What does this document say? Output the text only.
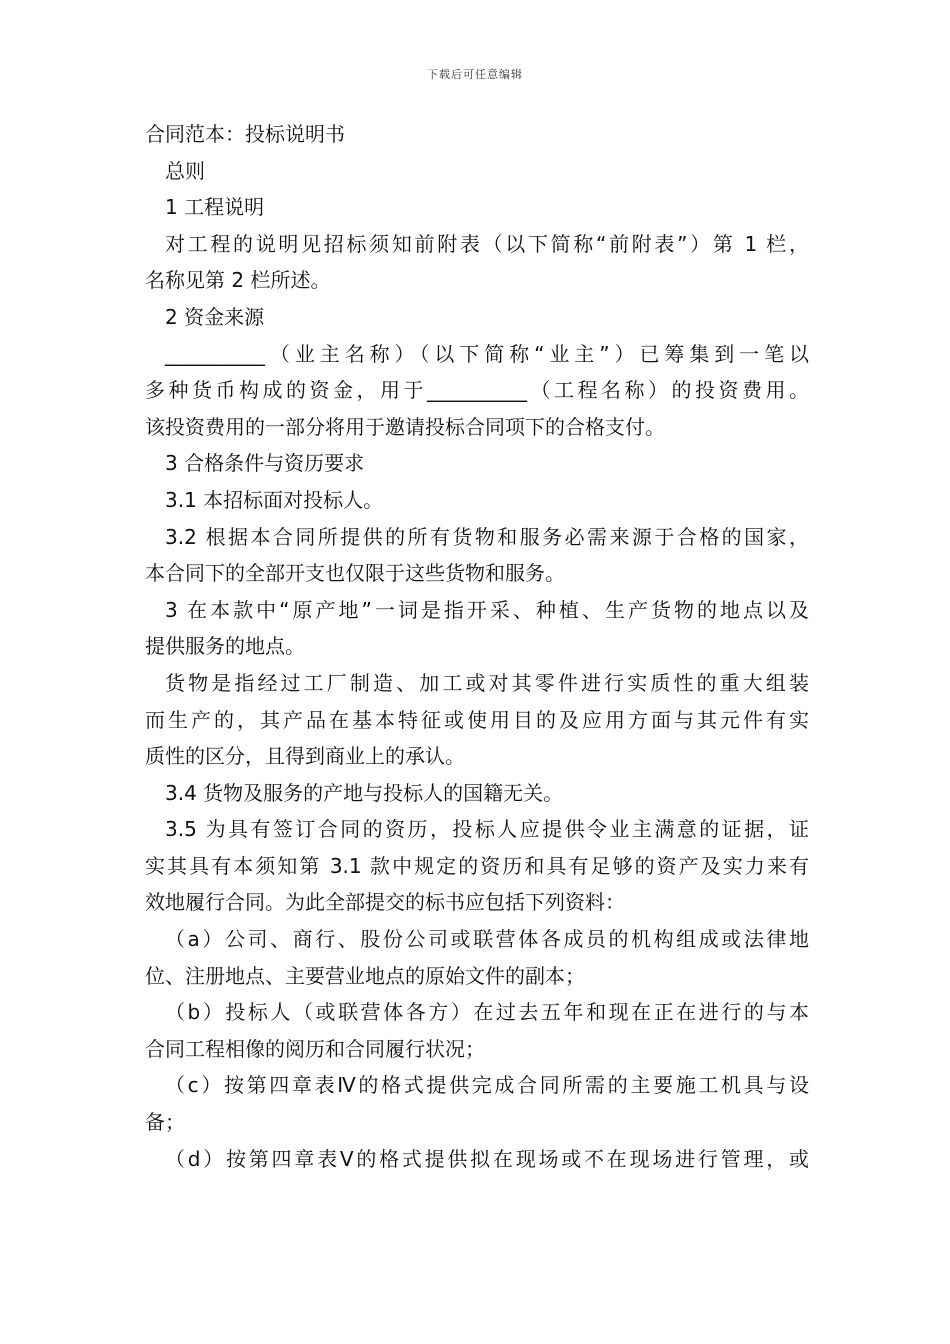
下载后可任意编辑
合同范本：投标说明书
总则
1 工程说明
对工程的说明见招标须知前附表（以下简称“前附表”）第 1 栏，
名称见第 2 栏所述。
2 资金来源
__________（业主名称）（以下简称“业主”）已筹集到一笔以
多种货币构成的资金，用于__________（工程名称）的投资费用。
该投资费用的一部分将用于邀请投标合同项下的合格支付。
3 合格条件与资历要求
3.1 本招标面对投标人。
3.2 根据本合同所提供的所有货物和服务必需来源于合格的国家，
本合同下的全部开支也仅限于这些货物和服务。
3 在本款中“原产地”一词是指开采、种植、生产货物的地点以及
提供服务的地点。
货物是指经过工厂制造、加工或对其零件进行实质性的重大组装
而生产的，其产品在基本特征或使用目的及应用方面与其元件有实
质性的区分，且得到商业上的承认。
3.4 货物及服务的产地与投标人的国籍无关。
3.5 为具有签订合同的资历，投标人应提供令业主满意的证据，证
实其具有本须知第 3.1 款中规定的资历和具有足够的资产及实力来有
效地履行合同。为此全部提交的标书应包括下列资料：
（a）公司、商行、股份公司或联营体各成员的机构组成或法律地
位、注册地点、主要营业地点的原始文件的副本；
（b）投标人（或联营体各方）在过去五年和现在正在进行的与本
合同工程相像的阅历和合同履行状况；
（c）按第四章表Ⅳ的格式提供完成合同所需的主要施工机具与设
备；
（d）按第四章表Ⅴ的格式提供拟在现场或不在现场进行管理，或
